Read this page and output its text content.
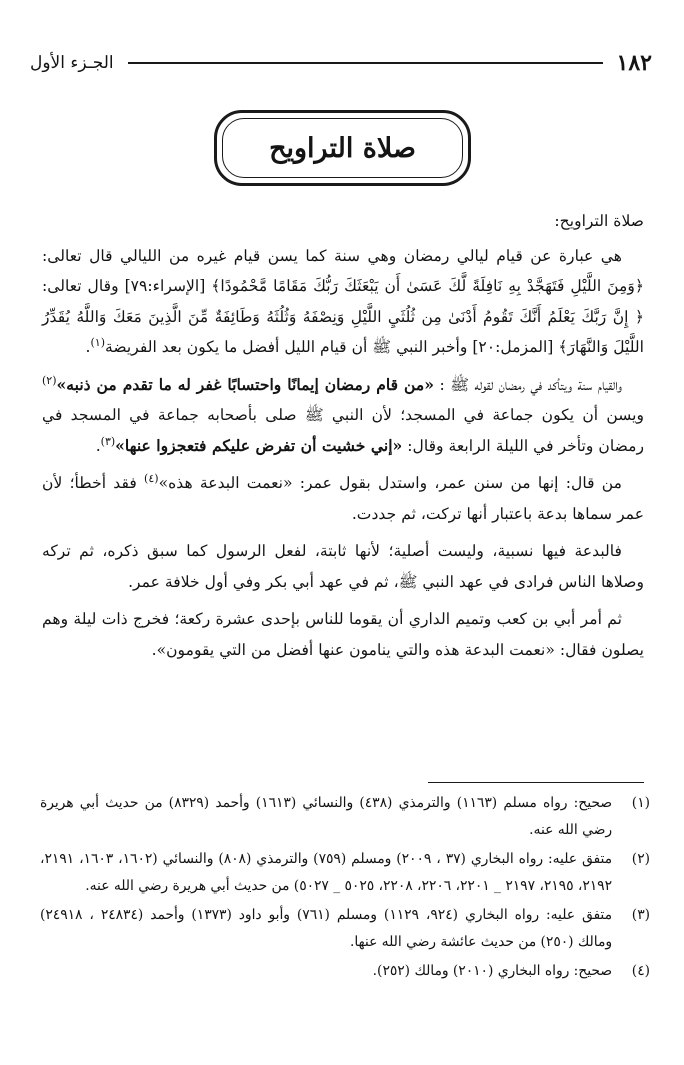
١٨٢
الجـزء الأول
صلاة التراويح

صلاة التراويح:

هي عبارة عن قيام ليالي رمضان وهي سنة كما يسن قيام غيره من الليالي قال تعالى: ﴿وَمِنَ اللَّيْلِ فَتَهَجَّدْ بِهِ نَافِلَةً لَّكَ عَسَىٰ أَن يَبْعَثَكَ رَبُّكَ مَقَامًا مَّحْمُودًا﴾ [الإسراء:٧٩] وقال تعالى: ﴿ إِنَّ رَبَّكَ يَعْلَمُ أَنَّكَ تَقُومُ أَدْنَىٰ مِن ثُلُثَيِ اللَّيْلِ وَنِصْفَهُ وَثُلُثَهُ وَطَائِفَةٌ مِّنَ الَّذِينَ مَعَكَ وَاللَّهُ يُقَدِّرُ اللَّيْلَ وَالنَّهَارَ﴾ [المزمل:٢٠] وأخبر النبي ﷺ أن قيام الليل أفضل ما يكون بعد الفريضة$^{(١)}$.

والقيام سنة ويتأكد في رمضان لقوله ﷺ : «من قام رمضان إيمانًا واحتسابًا غفر له ما تقدم من ذنبه»$^{(٢)}$ ويسن أن يكون جماعة في المسجد؛ لأن النبي ﷺ صلى بأصحابه جماعة في المسجد في رمضان وتأخر في الليلة الرابعة وقال: «إني خشيت أن تفرض عليكم فتعجزوا عنها»$^{(٣)}$.

من قال: إنها من سنن عمر، واستدل بقول عمر: «نعمت البدعة هذه»$^{(٤)}$ فقد أخطأ؛ لأن عمر سماها بدعة باعتبار أنها تركت، ثم جددت.

فالبدعة فيها نسبية، وليست أصلية؛ لأنها ثابتة، لفعل الرسول كما سبق ذكره، ثم تركه وصلاها الناس فرادى في عهد النبي ﷺ، ثم في عهد أبي بكر وفي أول خلافة عمر.

ثم أمر أبي بن كعب وتميم الداري أن يقوما للناس بإحدى عشرة ركعة؛ فخرج ذات ليلة وهم يصلون فقال: «نعمت البدعة هذه والتي ينامون عنها أفضل من التي يقومون».

(١)
صحيح: رواه مسلم (١١٦٣) والترمذي (٤٣٨) والنسائي (١٦١٣) وأحمد (٨٣٢٩) من حديث أبي هريرة رضي الله عنه.
(٢)
متفق عليه: رواه البخاري (٣٧ ، ٢٠٠٩) ومسلم (٧٥٩) والترمذي (٨٠٨) والنسائي (١٦٠٢، ١٦٠٣، ٢١٩١، ٢١٩٢، ٢١٩٥، ٢١٩٧ _ ٢٢٠١، ٢٢٠٦، ٢٢٠٨، ٥٠٢٥ _ ٥٠٢٧) من حديث أبي هريرة رضي الله عنه.
(٣)
متفق عليه: رواه البخاري (٩٢٤، ١١٢٩) ومسلم (٧٦١) وأبو داود (١٣٧٣) وأحمد (٢٤٨٣٤ ، ٢٤٩١٨) ومالك (٢٥٠) من حديث عائشة رضي الله عنها.
(٤)
صحيح: رواه البخاري (٢٠١٠) ومالك (٢٥٢).
